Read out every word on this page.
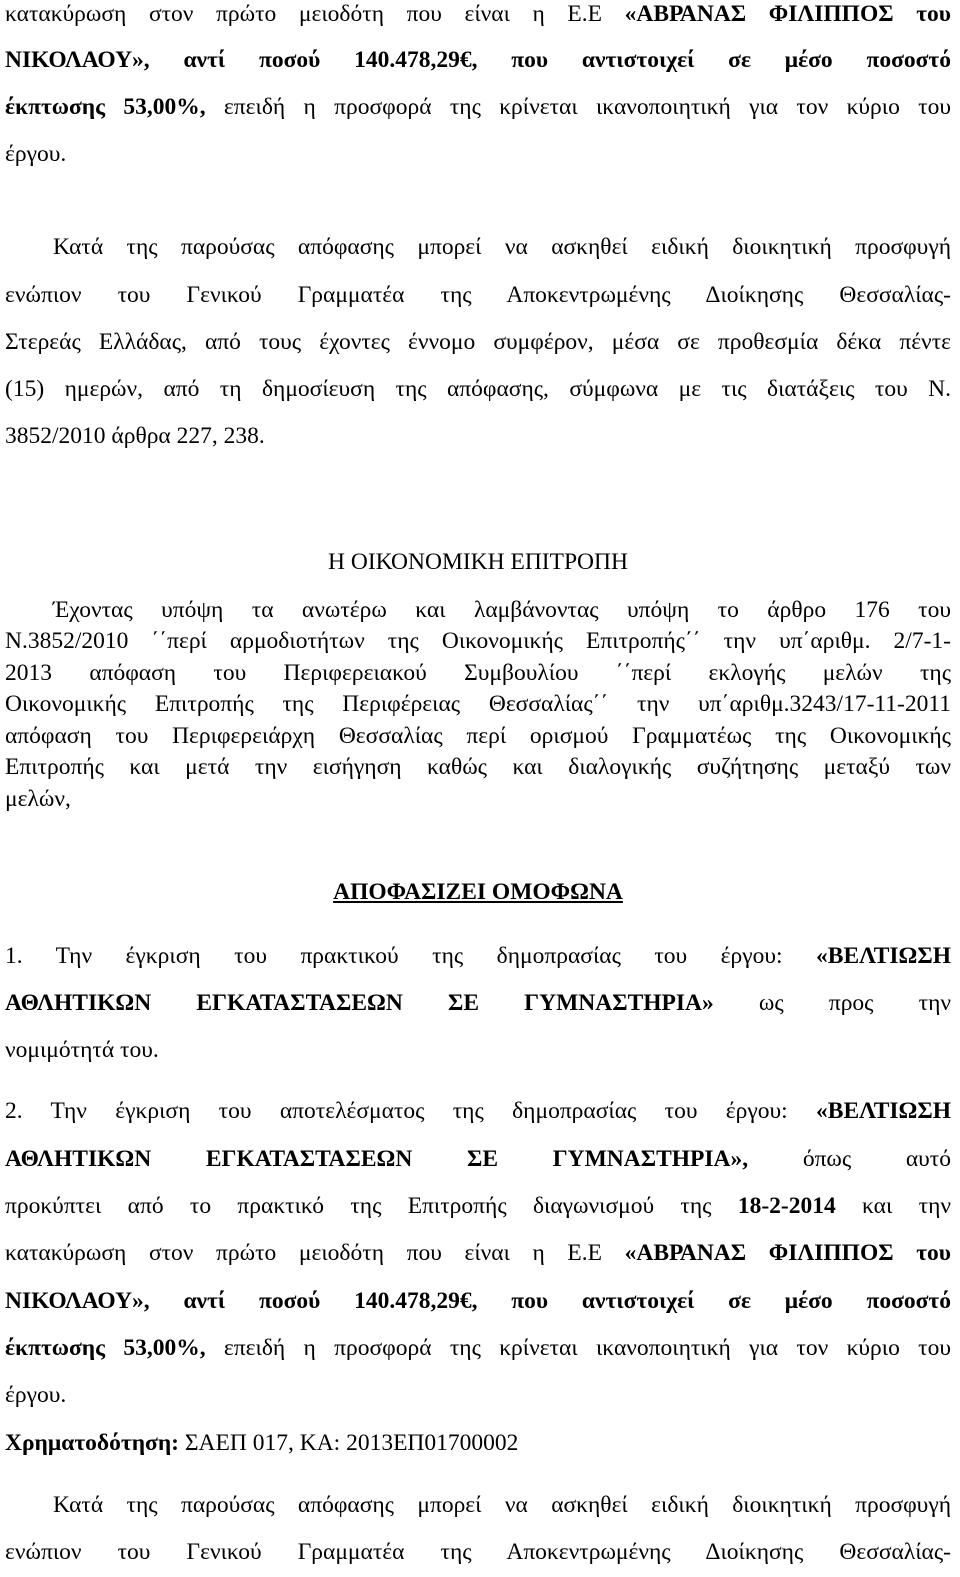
κατακύρωση στον πρώτο μειοδότη που είναι η Ε.Ε «ΑΒΡΑΝΑΣ ΦΙΛΙΠΠΟΣ του
ΝΙΚΟΛΑΟΥ», αντί ποσού 140.478,29€, που αντιστοιχεί σε μέσο ποσοστό
έκπτωσης 53,00%, επειδή η προσφορά της κρίνεται ικανοποιητική για τον κύριο του
έργου.
Κατά της παρούσας απόφασης μπορεί να ασκηθεί ειδική διοικητική προσφυγή
ενώπιον του Γενικού Γραμματέα της Αποκεντρωμένης Διοίκησης Θεσσαλίας-
Στερεάς Ελλάδας, από τους έχοντες έννομο συμφέρον, μέσα σε προθεσμία δέκα πέντε
(15) ημερών, από τη δημοσίευση της απόφασης, σύμφωνα με τις διατάξεις του Ν.
3852/2010 άρθρα 227, 238.
Η ΟΙΚΟΝΟΜΙΚΗ ΕΠΙΤΡΟΠΗ
Έχοντας υπόψη τα ανωτέρω και λαμβάνοντας υπόψη το άρθρο 176 του
Ν.3852/2010 ΄΄περί αρμοδιοτήτων της Οικονομικής Επιτροπής΄΄ την υπ΄αριθμ. 2/7-1-
2013 απόφαση του Περιφερειακού Συμβουλίου ΄΄περί εκλογής μελών της
Οικονομικής Επιτροπής της Περιφέρειας Θεσσαλίας΄΄ την υπ΄αριθμ.3243/17-11-2011
απόφαση του Περιφερειάρχη Θεσσαλίας περί ορισμού Γραμματέως της Οικονομικής
Επιτροπής και μετά την εισήγηση καθώς και διαλογικής συζήτησης μεταξύ των
μελών,
ΑΠΟΦΑΣΙΖΕΙ ΟΜΟΦΩΝΑ
1. Την έγκριση του πρακτικού της δημοπρασίας του έργου: «ΒΕΛΤΙΩΣΗ
ΑΘΛΗΤΙΚΩΝ ΕΓΚΑΤΑΣΤΑΣΕΩΝ ΣΕ ΓΥΜΝΑΣΤΗΡΙΑ» ως προς την
νομιμότητά του.
2. Την έγκριση του αποτελέσματος της δημοπρασίας του έργου: «ΒΕΛΤΙΩΣΗ
ΑΘΛΗΤΙΚΩΝ ΕΓΚΑΤΑΣΤΑΣΕΩΝ ΣΕ ΓΥΜΝΑΣΤΗΡΙΑ», όπως αυτό
προκύπτει από το πρακτικό της Επιτροπής διαγωνισμού της 18-2-2014 και την
κατακύρωση στον πρώτο μειοδότη που είναι η Ε.Ε «ΑΒΡΑΝΑΣ ΦΙΛΙΠΠΟΣ του
ΝΙΚΟΛΑΟΥ», αντί ποσού 140.478,29€, που αντιστοιχεί σε μέσο ποσοστό
έκπτωσης 53,00%, επειδή η προσφορά της κρίνεται ικανοποιητική για τον κύριο του
έργου.
Χρηματοδότηση: ΣΑΕΠ 017, ΚΑ: 2013ΕΠ01700002
Κατά της παρούσας απόφασης μπορεί να ασκηθεί ειδική διοικητική προσφυγή
ενώπιον του Γενικού Γραμματέα της Αποκεντρωμένης Διοίκησης Θεσσαλίας-
